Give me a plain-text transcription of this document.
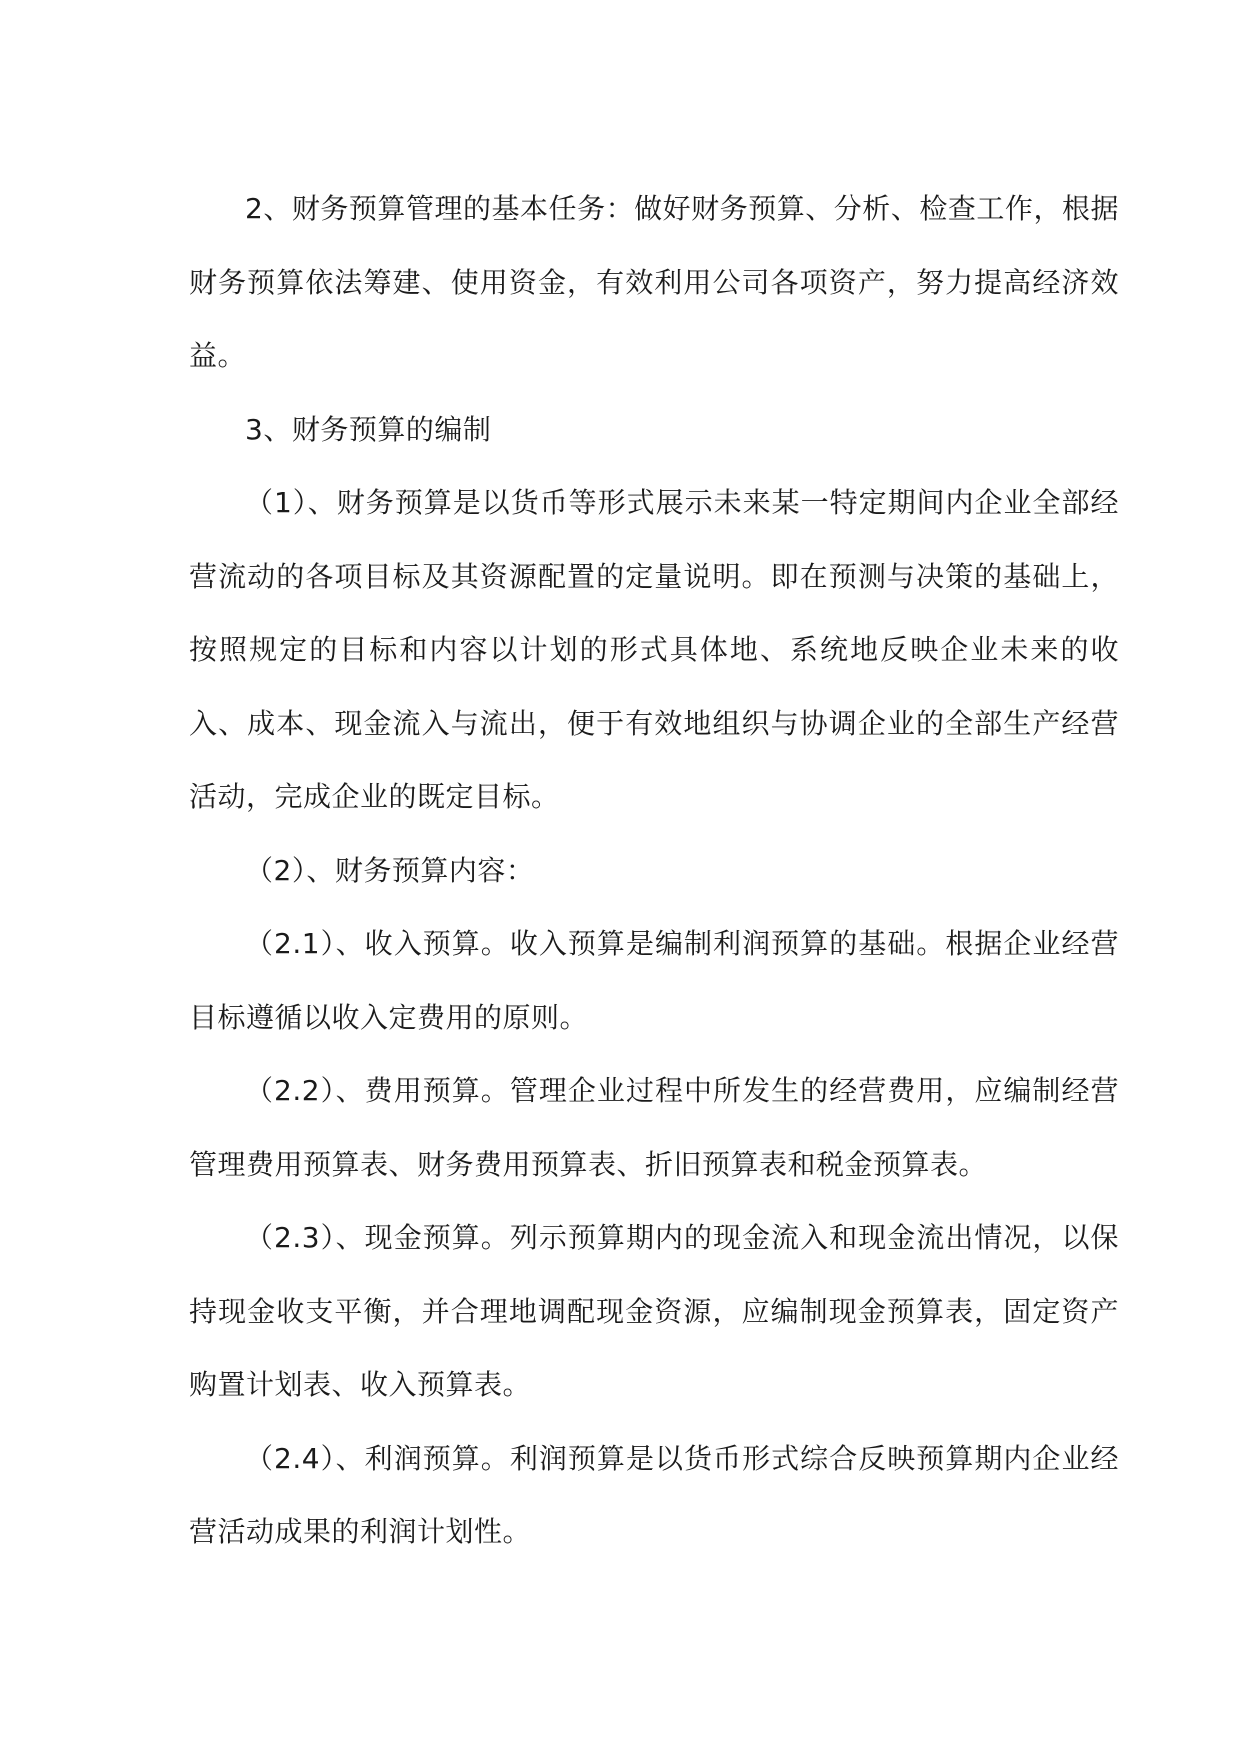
2、财务预算管理的基本任务：做好财务预算、分析、检查工作，根据财务预算依法筹建、使用资金，有效利用公司各项资产，努力提高经济效益。

3、财务预算的编制

（1）、财务预算是以货币等形式展示未来某一特定期间内企业全部经营流动的各项目标及其资源配置的定量说明。即在预测与决策的基础上，按照规定的目标和内容以计划的形式具体地、系统地反映企业未来的收入、成本、现金流入与流出，便于有效地组织与协调企业的全部生产经营活动，完成企业的既定目标。

（2）、财务预算内容：

（2.1）、收入预算。收入预算是编制利润预算的基础。根据企业经营目标遵循以收入定费用的原则。

（2.2）、费用预算。管理企业过程中所发生的经营费用，应编制经营管理费用预算表、财务费用预算表、折旧预算表和税金预算表。

（2.3）、现金预算。列示预算期内的现金流入和现金流出情况，以保持现金收支平衡，并合理地调配现金资源，应编制现金预算表，固定资产购置计划表、收入预算表。

（2.4）、利润预算。利润预算是以货币形式综合反映预算期内企业经营活动成果的利润计划性。
